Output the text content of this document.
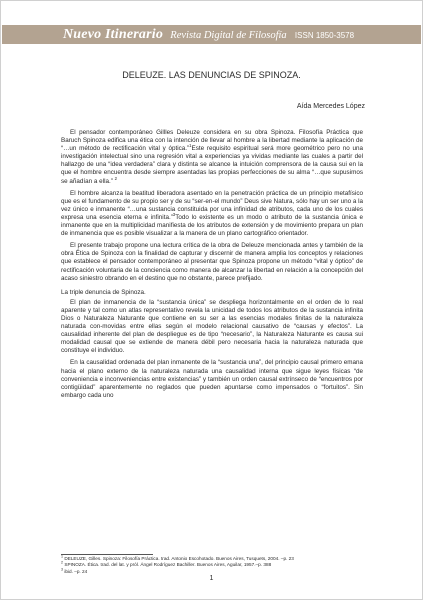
Nuevo Itinerario Revista Digital de Filosofía ISSN 1850-3578
DELEUZE. LAS DENUNCIAS DE SPINOZA.
Aída Mercedes López

El pensador contemporáneo Gillles Deleuze considera en su obra Spinoza. Filosofía Práctica que Baruch Spinoza edifica una ética con la intención de llevar al hombre a la libertad mediante la aplicación de “…un método de rectificación vital y óptica.”$^1$Este requisito espiritual será more geométrico pero no una investigación intelectual sino una regresión vital a experiencias ya vividas mediante las cuales a partir del hallazgo de una “idea verdadera” clara y distinta se alcance la intuición comprensora de la causa sui en la que el hombre encuentra desde siempre asentadas las propias perfecciones de su alma “…que supusimos se añadían a ella.” $^2$

El hombre alcanza la beatitud liberadora asentado en la penetración práctica de un principio metafísico que es el fundamento de su propio ser y de su “ser-en-el mundo” Deus sive Natura, sólo hay un ser uno a la vez único e inmanente “…una sustancia constituida por una infinidad de atributos, cada uno de los cuales expresa una esencia eterna e infinita.”$^3$Todo lo existente es un modo o atributo de la sustancia única e inmanente que en la multiplicidad manifiesta de los atributos de extensión y de movimiento prepara un plan de inmanencia que es posible visualizar a la manera de un plano cartográfico orientador.

El presente trabajo propone una lectura crítica de la obra de Deleuze mencionada antes y también de la obra Ética de Spinoza con la finalidad de capturar y discernir de manera amplia los conceptos y relaciones que establece el pensador contemporáneo al presentar que Spinoza propone un método “vital y óptico” de rectificación voluntaria de la conciencia como manera de alcanzar la libertad en relación a la concepción del acaso siniestro obrando en el destino que no obstante, parece prefijado.

La triple denuncia de Spinoza.

El plan de inmanencia de la “sustancia única” se despliega horizontalmente en el orden de lo real aparente y tal como un atlas representativo revela la unicidad de todos los atributos de la sustancia infinita Dios o Naturaleza Naturante que contiene en su ser a las esencias modales finitas de la naturaleza naturada con-movidas entre ellas según el modelo relacional causativo de “causas y efectos”. La causalidad inherente del plan de despliegue es de tipo “necesario”, la Naturaleza Naturante es causa sui modalidad causal que se extiende de manera débil pero necesaria hacia la naturaleza naturada que constituye el individuo.

En la causalidad ordenada del plan inmanente de la “sustancia una”, del principio causal primero emana hacia el plano externo de la naturaleza naturada una causalidad interna que sigue leyes físicas “de conveniencia e inconveniencias entre existencias” y también un orden causal extrínseco de “encuentros por contigüidad” aparentemente no reglados que pueden apuntarse como impensados o “fortuitos”. Sin embargo cada uno

$^1$ DELEUZE, Gilles. Spinoza: Filosofía Práctica. trad. Antonio Escohotado. Buenos Aires, Tusquets, 2004. –p. 23

$^2$ SPINOZA. Ética. trad. del lat. y pról. Ángel Rodríguez Bachiller. Buenos Aires, Aguilar, 1957.–p. 388

$^3$ ibid. –p. 24

1
